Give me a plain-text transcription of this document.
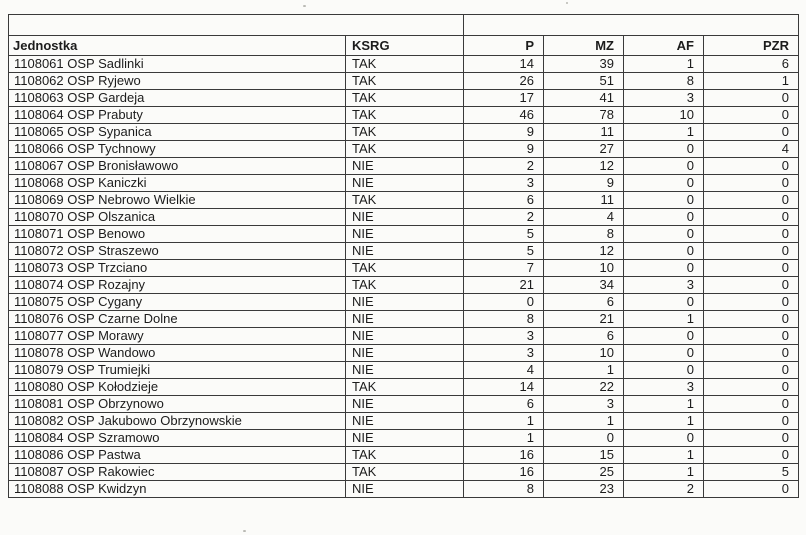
Jednostka	KSRG	P	MZ	AF	PZR
1108061 OSP Sadlinki	TAK	14	39	1	6
1108062 OSP Ryjewo	TAK	26	51	8	1
1108063 OSP Gardeja	TAK	17	41	3	0
1108064 OSP Prabuty	TAK	46	78	10	0
1108065 OSP Sypanica	TAK	9	11	1	0
1108066 OSP Tychnowy	TAK	9	27	0	4
1108067 OSP Bronisławowo	NIE	2	12	0	0
1108068 OSP Kaniczki	NIE	3	9	0	0
1108069 OSP Nebrowo Wielkie	TAK	6	11	0	0
1108070 OSP Olszanica	NIE	2	4	0	0
1108071 OSP Benowo	NIE	5	8	0	0
1108072 OSP Straszewo	NIE	5	12	0	0
1108073 OSP Trzciano	TAK	7	10	0	0
1108074 OSP Rozajny	TAK	21	34	3	0
1108075 OSP Cygany	NIE	0	6	0	0
1108076 OSP Czarne Dolne	NIE	8	21	1	0
1108077 OSP Morawy	NIE	3	6	0	0
1108078 OSP Wandowo	NIE	3	10	0	0
1108079 OSP Trumiejki	NIE	4	1	0	0
1108080 OSP Kołodzieje	TAK	14	22	3	0
1108081 OSP Obrzynowo	NIE	6	3	1	0
1108082 OSP Jakubowo Obrzynowskie	NIE	1	1	1	0
1108084 OSP Szramowo	NIE	1	0	0	0
1108086 OSP Pastwa	TAK	16	15	1	0
1108087 OSP Rakowiec	TAK	16	25	1	5
1108088 OSP Kwidzyn	NIE	8	23	2	0
